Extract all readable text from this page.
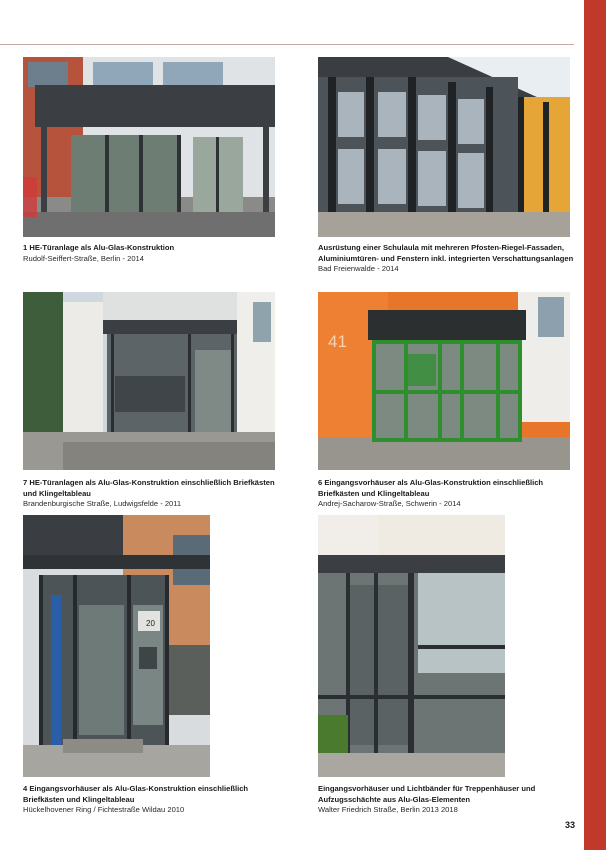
1 HE-Türanlage als Alu-Glas-Konstruktion
Rudolf-Seiffert-Straße, Berlin - 2014
Ausrüstung einer Schulaula mit mehreren Pfosten-Riegel-Fassaden, Aluminiumtüren- und Fenstern inkl. integrierten Verschattungsanlagen
Bad Freienwalde - 2014
41
7 HE-Türanlagen als Alu-Glas-Konstruktion einschließlich Briefkästen und Klingeltableau
Brandenburgische Straße, Ludwigsfelde - 2011
6 Eingangsvorhäuser als Alu-Glas-Konstruktion einschließlich Briefkästen und Klingeltableau
Andrej-Sacharow-Straße, Schwerin - 2014
20
4 Eingangsvorhäuser als Alu-Glas-Konstruktion einschließlich Briefkästen und Klingeltableau
Hückelhovener Ring / Fichtestraße Wildau 2010
Eingangsvorhäuser und Lichtbänder für Treppenhäuser und Aufzugsschächte aus Alu-Glas-Elementen
Walter Friedrich Straße, Berlin 2013 2018
33
